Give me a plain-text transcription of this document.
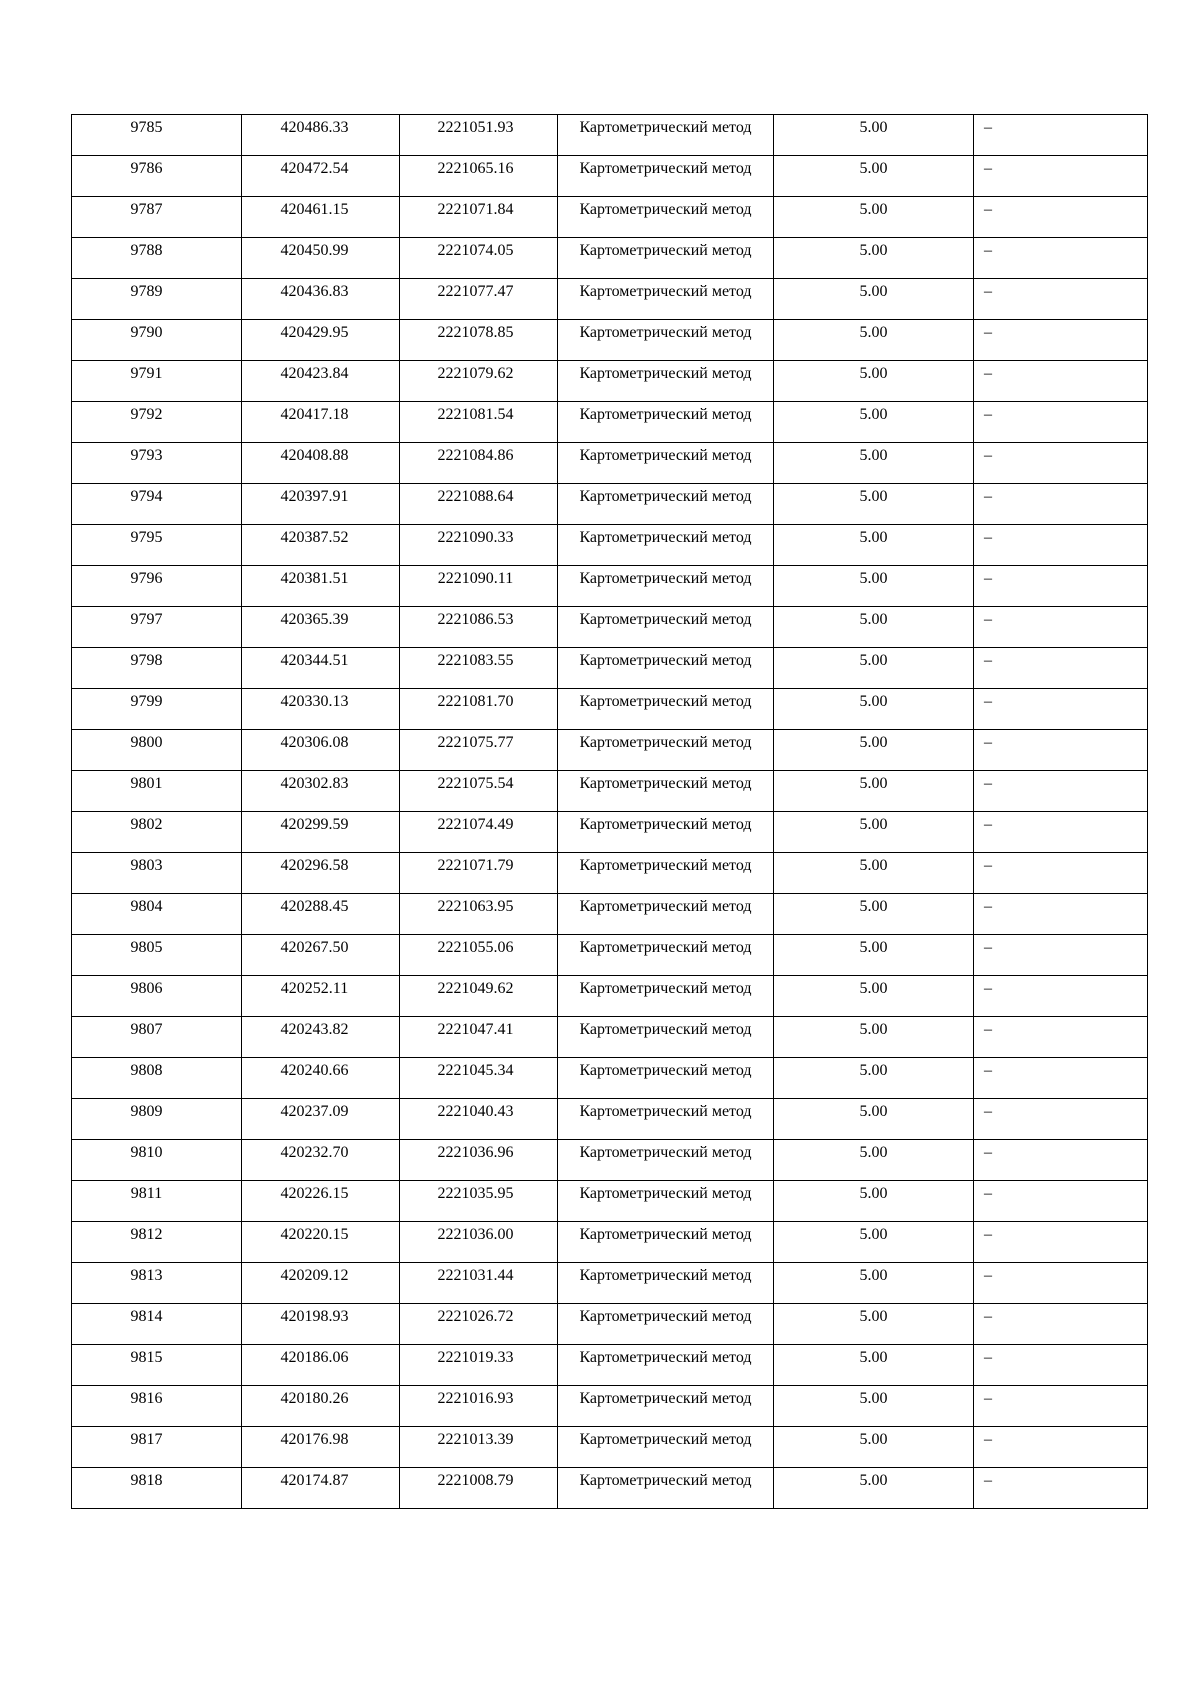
9785	420486.33	2221051.93	Картометрический метод	5.00	–
9786	420472.54	2221065.16	Картометрический метод	5.00	–
9787	420461.15	2221071.84	Картометрический метод	5.00	–
9788	420450.99	2221074.05	Картометрический метод	5.00	–
9789	420436.83	2221077.47	Картометрический метод	5.00	–
9790	420429.95	2221078.85	Картометрический метод	5.00	–
9791	420423.84	2221079.62	Картометрический метод	5.00	–
9792	420417.18	2221081.54	Картометрический метод	5.00	–
9793	420408.88	2221084.86	Картометрический метод	5.00	–
9794	420397.91	2221088.64	Картометрический метод	5.00	–
9795	420387.52	2221090.33	Картометрический метод	5.00	–
9796	420381.51	2221090.11	Картометрический метод	5.00	–
9797	420365.39	2221086.53	Картометрический метод	5.00	–
9798	420344.51	2221083.55	Картометрический метод	5.00	–
9799	420330.13	2221081.70	Картометрический метод	5.00	–
9800	420306.08	2221075.77	Картометрический метод	5.00	–
9801	420302.83	2221075.54	Картометрический метод	5.00	–
9802	420299.59	2221074.49	Картометрический метод	5.00	–
9803	420296.58	2221071.79	Картометрический метод	5.00	–
9804	420288.45	2221063.95	Картометрический метод	5.00	–
9805	420267.50	2221055.06	Картометрический метод	5.00	–
9806	420252.11	2221049.62	Картометрический метод	5.00	–
9807	420243.82	2221047.41	Картометрический метод	5.00	–
9808	420240.66	2221045.34	Картометрический метод	5.00	–
9809	420237.09	2221040.43	Картометрический метод	5.00	–
9810	420232.70	2221036.96	Картометрический метод	5.00	–
9811	420226.15	2221035.95	Картометрический метод	5.00	–
9812	420220.15	2221036.00	Картометрический метод	5.00	–
9813	420209.12	2221031.44	Картометрический метод	5.00	–
9814	420198.93	2221026.72	Картометрический метод	5.00	–
9815	420186.06	2221019.33	Картометрический метод	5.00	–
9816	420180.26	2221016.93	Картометрический метод	5.00	–
9817	420176.98	2221013.39	Картометрический метод	5.00	–
9818	420174.87	2221008.79	Картометрический метод	5.00	–
